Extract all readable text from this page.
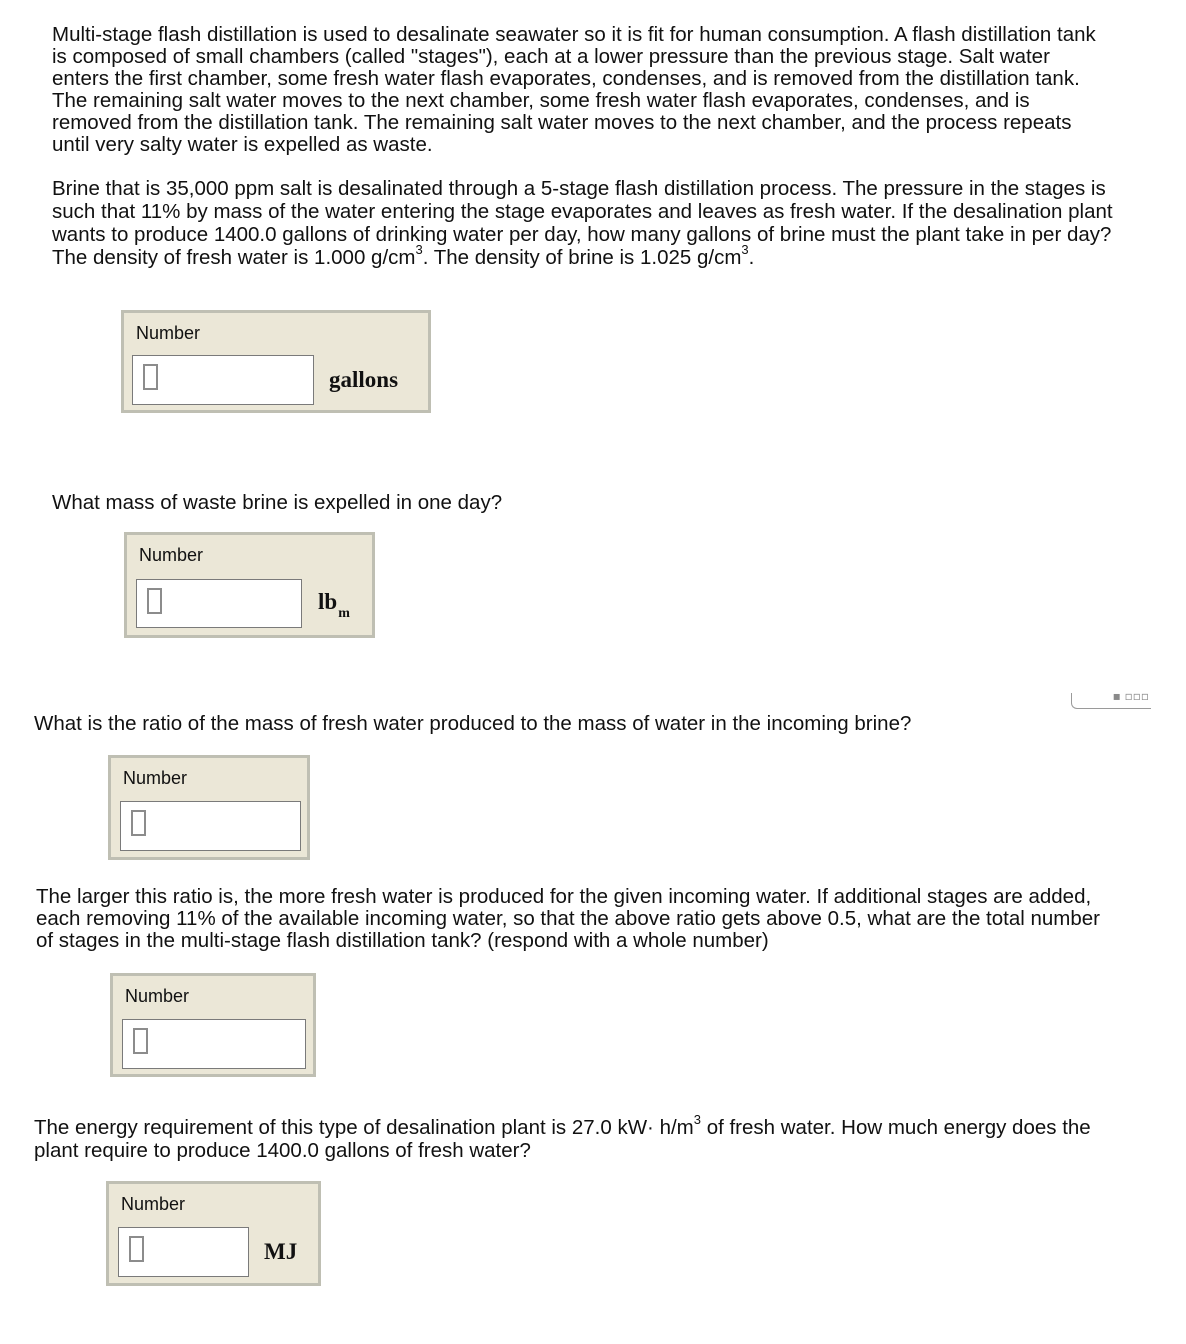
Multi-stage flash distillation is used to desalinate seawater so it is fit for human consumption. A flash distillation tank is composed of small chambers (called "stages"), each at a lower pressure than the previous stage. Salt water enters the first chamber, some fresh water flash evaporates, condenses, and is removed from the distillation tank. The remaining salt water moves to the next chamber, some fresh water flash evaporates, condenses, and is removed from the distillation tank. The remaining salt water moves to the next chamber, and the process repeats until very salty water is expelled as waste.

Brine that is 35,000 ppm salt is desalinated through a 5-stage flash distillation process. The pressure in the stages is such that 11% by mass of the water entering the stage evaporates and leaves as fresh water. If the desalination plant wants to produce 1400.0 gallons of drinking water per day, how many gallons of brine must the plant take in per day? The density of fresh water is 1.000 $g/cm^3$. The density of brine is 1.025 $g/cm^3$.

Number
gallons

What mass of waste brine is expelled in one day?

Number
$lb_m$
▪ ▫▫▫

What is the ratio of the mass of fresh water produced to the mass of water in the incoming brine?

Number

The larger this ratio is, the more fresh water is produced for the given incoming water. If additional stages are added, each removing 11% of the available incoming water, so that the above ratio gets above 0.5, what are the total number of stages in the multi-stage flash distillation tank? (respond with a whole number)

Number

The energy requirement of this type of desalination plant is 27.0 $kW\cdot h/m^3$ of fresh water. How much energy does the plant require to produce 1400.0 gallons of fresh water?

Number
MJ
